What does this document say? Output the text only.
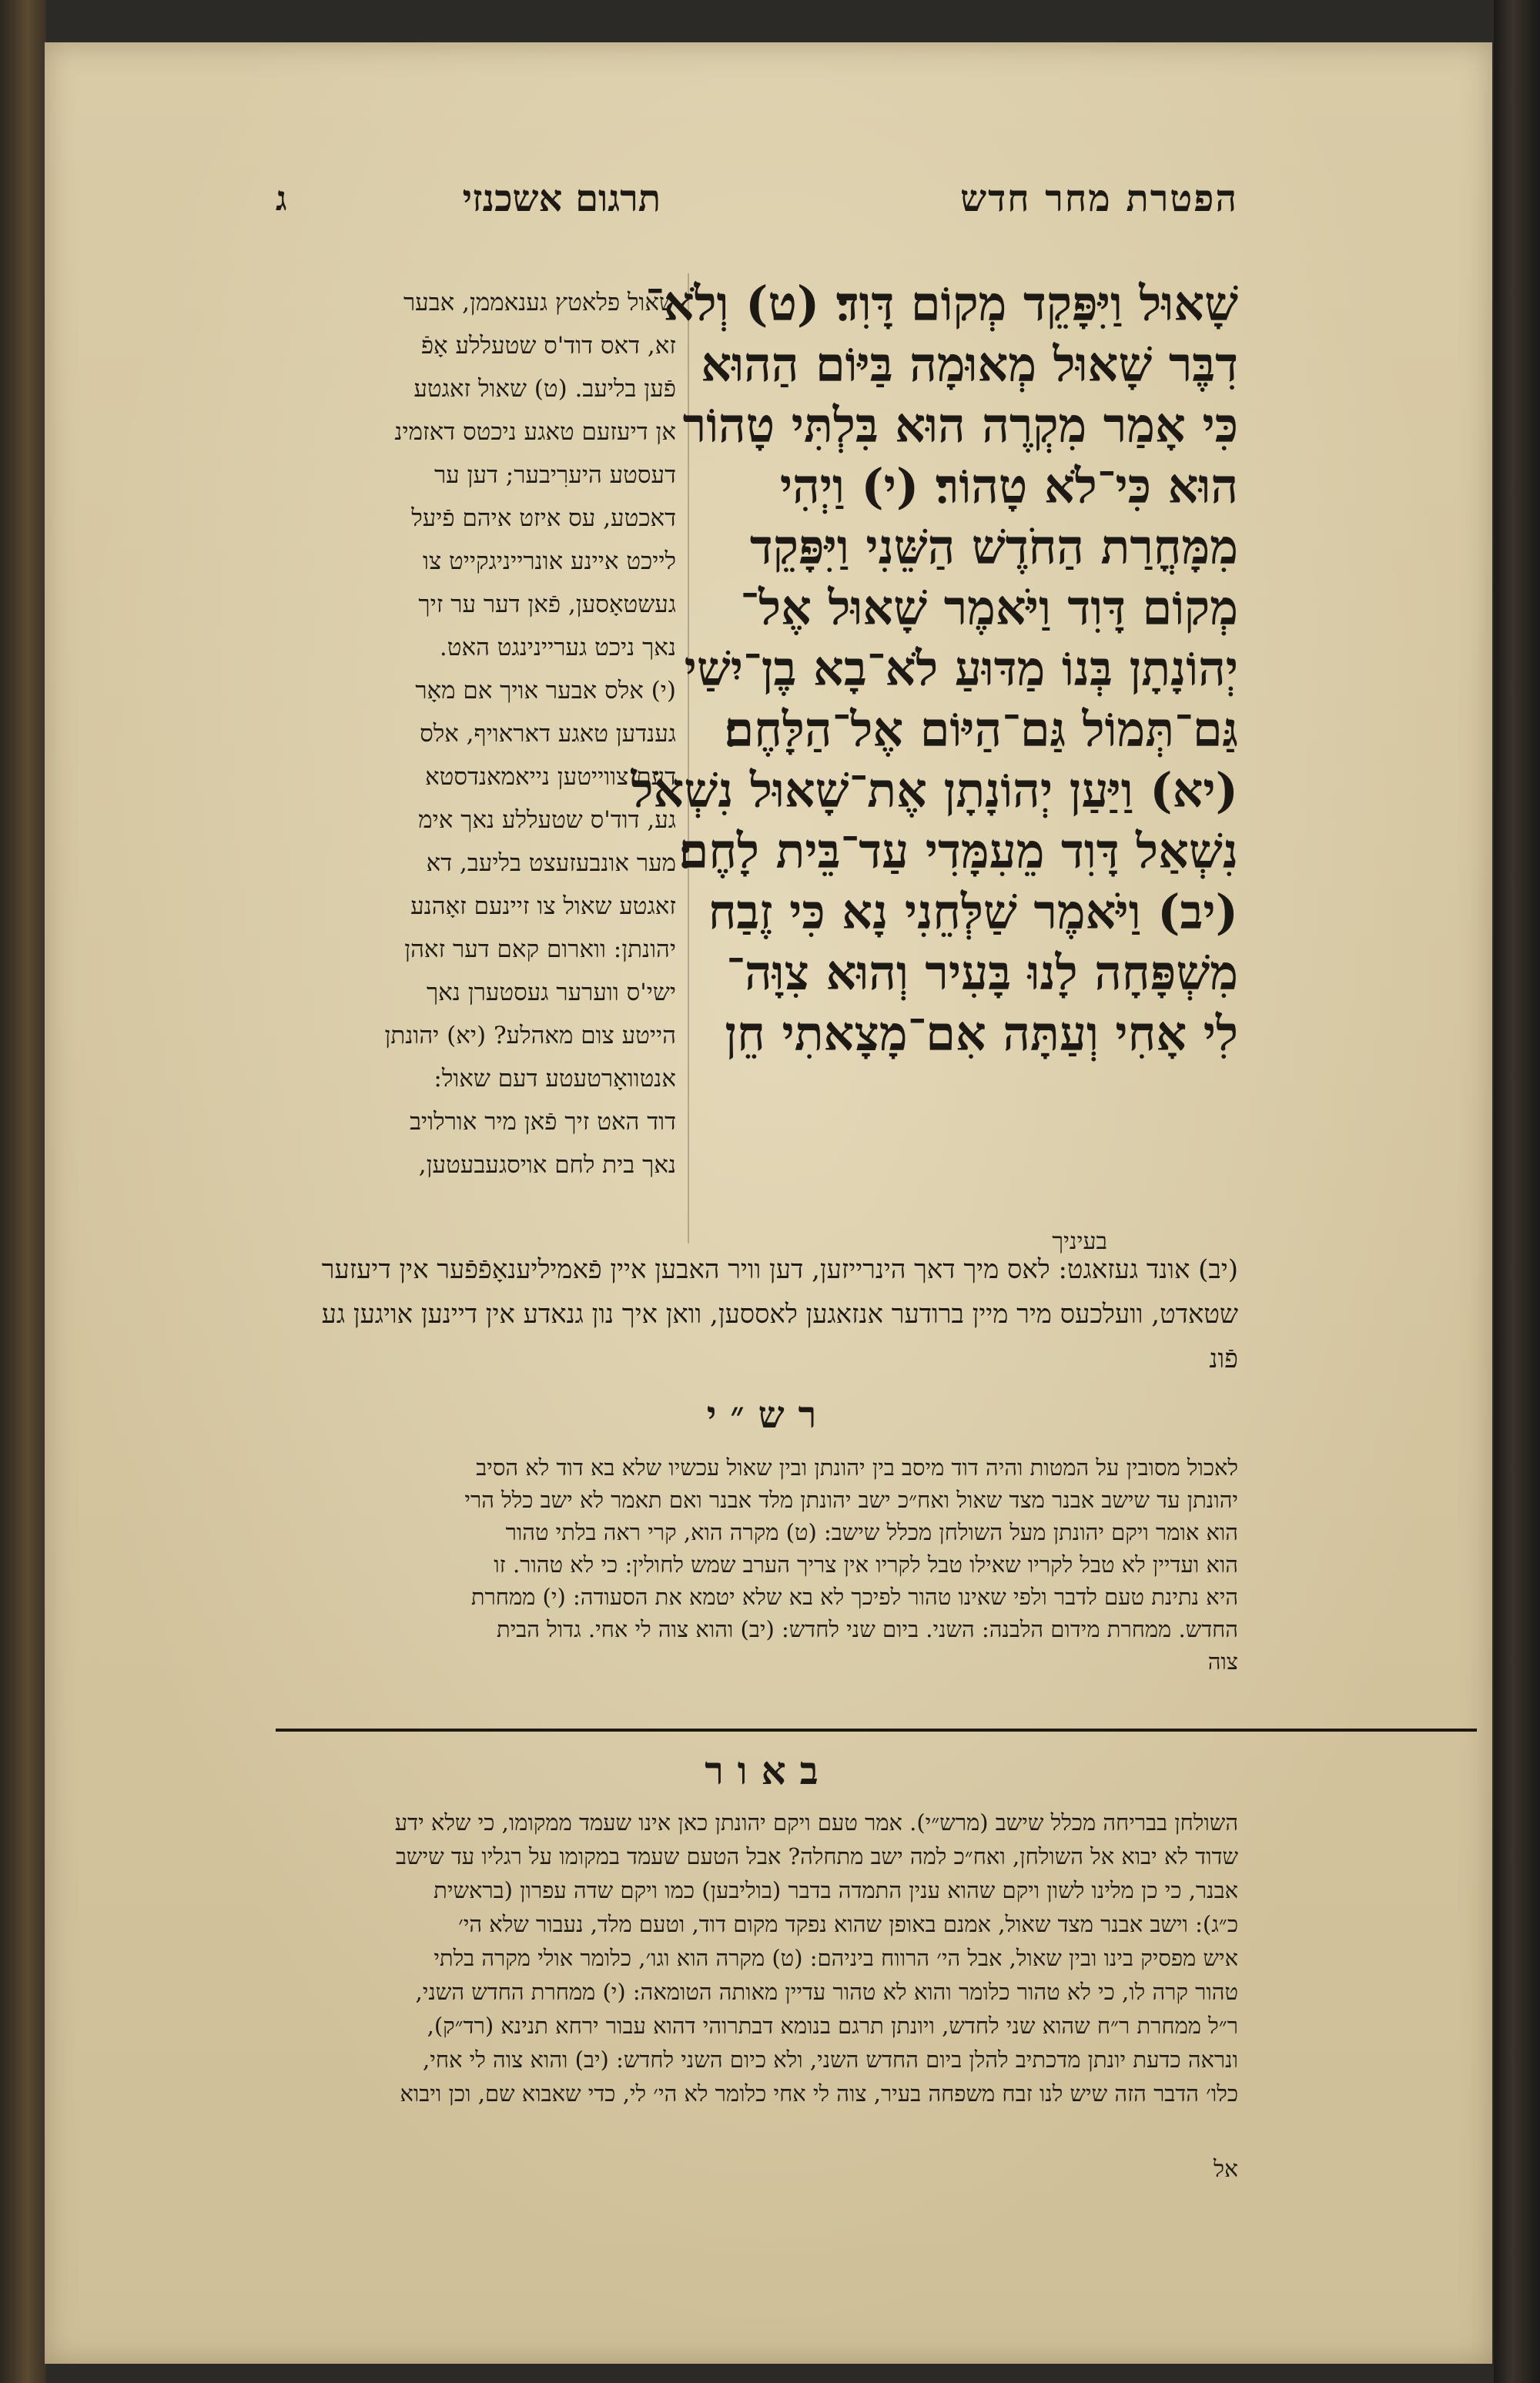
הפטרת מחר חדש
תרגום אשכנזי
ג
שָׁאוּל וַיִּפָּקֵד מְקוֹם דָּוִד׃ (ט) וְלֹא־
דִבֶּר שָׁאוּל מְאוּמָה בַּיּוֹם הַהוּא
כִּי אָמַר מִקְרֶה הוּא בִּלְתִּי טָהוֹר
הוּא כִּי־לֹא טָהוֹר׃ (י) וַיְהִי
מִמָּחֳרַת הַחֹדֶשׁ הַשֵּׁנִי וַיִּפָּקֵד
מְקוֹם דָּוִד וַיֹּאמֶר שָׁאוּל אֶל־
יְהוֹנָתָן בְּנוֹ מַדּוּעַ לֹא־בָא בֶן־יִשַׁי
גַּם־תְּמוֹל גַּם־הַיּוֹם אֶל־הַלָּחֶם׃
(יא) וַיַּעַן יְהוֹנָתָן אֶת־שָׁאוּל נִשְׁאֹל
נִשְׁאַל דָּוִד מֵעִמָּדִי עַד־בֵּית לָחֶם׃
(יב) וַיֹּאמֶר שַׁלְּחֵנִי נָא כִּי זֶבַח
מִשְׁפָּחָה לָנוּ בָּעִיר וְהוּא צִוָּה־
לִי אָחִי וְעַתָּה אִם־מָצָאתִי חֵן
בעיניך
שאול פלאטץ גענאממן, אבער
זא, דאס דוד'ס שטעללע אָפֿ
פֿען בליעב. (ט) שאול זאגטע
אן דיעזעם טאגע ניכטס דאזמינ
דעסטע היערִיבער; דען ער
דאכטע, עס איזט איהם פֿיעל
לייכט איינע אונרייניגקייט צו
געשטאָסען, פֿאן דער ער זיך
נאך ניכט געריינינגט האט.
(י) אלס אבער אויך אם מאָר
גענדען טאגע דאראויף, אלס
דעם צווייטען נייאמאנדסטא
גע, דוד'ס שטעללע נאך אימ
מער אונבעזעצט בליעב, דא
זאגטע שאול צו זיינעם זאָהנע
יהונתן: ווארום קאם דער זאהן
ישי'ס ווערער געסטערן נאך
הייטע צום מאהלע? (יא) יהונתן
אנטוואָרטעטע דעם שאול:
דוד האט זיך פֿאן מיר אורלויב
נאך בית לחם אויסגעבעטען,
(יב) אונד געזאגט: לאס מיך דאך הינרייזען, דען וויר האבען איין פֿאמיליענאָפֿפֿער אין דיעזער
שטאדט, וועלכעס מיר מיין ברודער אנזאגען לאססען, וואן איך נון גנאדע אין דיינען אויגען גע
פֿונ
רש״י
לאכול מסובין על המטות והיה דוד מיסב בין יהונתן ובין שאול עכשיו שלא בא דוד לא הסיב
יהונתן עד שישב אבנר מצד שאול ואח״כ ישב יהונתן מלד אבנר ואם תאמר לא ישב כלל הרי
הוא אומר ויקם יהונתן מעל השולחן מכלל שישב: (ט) מקרה הוא, קרי ראה בלתי טהור
הוא ועדיין לא טבל לקריו שאילו טבל לקריו אין צריך הערב שמש לחולין: כי לא טהור. זו
היא נתינת טעם לדבר ולפי שאינו טהור לפיכך לא בא שלא יטמא את הסעודה: (י) ממחרת
החדש. ממחרת מידום הלבנה: השני. ביום שני לחדש: (יב) והוא צוה לי אחי. גדול הבית
צוה
באור
השולחן בבריחה מכלל שישב (מרש״י). אמר טעם ויקם יהונתן כאן אינו שעמד ממקומו, כי שלא ידע
שדוד לא יבוא אל השולחן, ואח״כ למה ישב מתחלה? אבל הטעם שעמד במקומו על רגליו עד שישב
אבנר, כי כן מלינו לשון ויקם שהוא ענין התמדה בדבר (בוליבען) כמו ויקם שדה עפרון (בראשית
כ״ג): וישב אבנר מצד שאול, אמנם באופן שהוא נפקד מקום דוד, וטעם מלד, נעבור שלא הי׳
איש מפסיק בינו ובין שאול, אבל הי׳ הרווח ביניהם: (ט) מקרה הוא וגו׳, כלומר אולי מקרה בלתי
טהור קרה לו, כי לא טהור כלומר והוא לא טהור עדיין מאותה הטומאה: (י) ממחרת החדש השני,
ר״ל ממחרת ר״ח שהוא שני לחדש, ויונתן תרגם בנומא דבתרוהי דהוא עבור ירחא תנינא (רד״ק),
ונראה כדעת יונתן מדכתיב להלן ביום החדש השני, ולא כיום השני לחדש: (יב) והוא צוה לי אחי,
כלו׳ הדבר הזה שיש לנו זבח משפחה בעיר, צוה לי אחי כלומר לא הי׳ לי, כדי שאבוא שם, וכן ויבוא
אל
